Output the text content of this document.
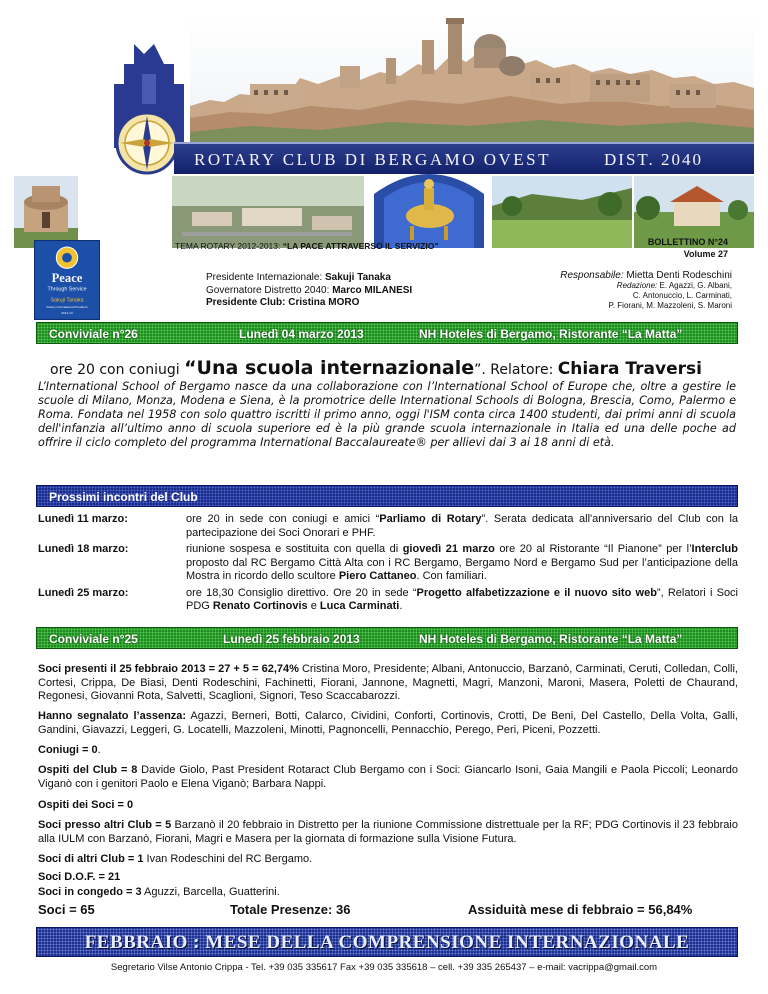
ROTARY CLUB DI BERGAMO OVEST	DIST. 2040
Peace
Through Service
Sakuji Tanaka
Rotary International President
2012-13
TEMA ROTARY 2012-2013: “LA PACE ATTRAVERSO IL SERVIZIO”	BOLLETTINO N°24
Volume 27
Presidente Internazionale: Sakuji Tanaka
Governatore Distretto 2040: Marco MILANESI
Presidente Club: Cristina MORO
Responsabile: Mietta Denti Rodeschini
Redazione: E. Agazzi, G. Albani,
C. Antonuccio, L. Carminati,
P. Fiorani, M. Mazzoleni, S. Maroni
Conviviale n°26	Lunedì 04 marzo 2013	NH Hoteles di Bergamo, Ristorante “La Matta”
ore 20 con coniugi “Una scuola internazionale”. Relatore: Chiara Traversi
L’International School of Bergamo nasce da una collaborazione con l’International School of Europe che, oltre a gestire le scuole di Milano, Monza, Modena e Siena, è la promotrice delle International Schools di Bologna, Brescia, Como, Palermo e Roma. Fondata nel 1958 con solo quattro iscritti il primo anno, oggi l'ISM conta circa 1400 studenti, dai primi anni di scuola dell'infanzia all’ultimo anno di scuola superiore ed è la più grande scuola internazionale in Italia ed una delle poche ad offrire il ciclo completo del programma International Baccalaureate® per allievi dai 3 ai 18 anni di età.
Prossimi incontri del Club
Lunedì 11 marzo:	ore 20 in sede con coniugi e amici “Parliamo di Rotary”. Serata dedicata all'anniversario del Club con la partecipazione dei Soci Onorari e PHF.
Lunedì 18 marzo:	riunione sospesa e sostituita con quella di giovedì 21 marzo ore 20 al Ristorante “Il Pianone” per l’Interclub proposto dal RC Bergamo Città Alta con i RC Bergamo, Bergamo Nord e Bergamo Sud per l’anticipazione della Mostra in ricordo dello scultore Piero Cattaneo. Con familiari.
Lunedì 25 marzo:	ore 18,30 Consiglio direttivo. Ore 20 in sede “Progetto alfabetizzazione e il nuovo sito web”, Relatori i Soci PDG Renato Cortinovis e Luca Carminati.
Conviviale n°25	Lunedì 25 febbraio 2013	NH Hoteles di Bergamo, Ristorante “La Matta”
Soci presenti il 25 febbraio 2013 = 27 + 5 = 62,74% Cristina Moro, Presidente; Albani, Antonuccio, Barzanò, Carminati, Ceruti, Colledan, Colli, Cortesi, Crippa, De Biasi, Denti Rodeschini, Fachinetti, Fiorani, Jannone, Magnetti, Magri, Manzoni, Maroni, Masera, Poletti de Chaurand, Regonesi, Giovanni Rota, Salvetti, Scaglioni, Signori, Teso Scaccabarozzi.
Hanno segnalato l’assenza: Agazzi, Berneri, Botti, Calarco, Cividini, Conforti, Cortinovis, Crotti, De Beni, Del Castello, Della Volta, Galli, Gandini, Giavazzi, Leggeri, G. Locatelli, Mazzoleni, Minotti, Pagnoncelli, Pennacchio, Perego, Peri, Piceni, Pozzetti.
Coniugi = 0.
Ospiti del Club = 8 Davide Giolo, Past President Rotaract Club Bergamo con i Soci: Giancarlo Isoni, Gaia Mangili e Paola Piccoli; Leonardo Viganò con i genitori Paolo e Elena Viganò; Barbara Nappi.
Ospiti dei Soci = 0
Soci presso altri Club = 5 Barzanò il 20 febbraio in Distretto per la riunione Commissione distrettuale per la RF; PDG Cortinovis il 23 febbraio alla IULM con Barzanò, Fiorani, Magri e Masera per la giornata di formazione sulla Visione Futura.
Soci di altri Club = 1 Ivan Rodeschini del RC Bergamo.
Soci D.O.F. = 21
Soci in congedo = 3 Aguzzi, Barcella, Guatterini.
Soci = 65	Totale Presenze: 36	Assiduità mese di febbraio = 56,84%
FEBBRAIO : MESE DELLA COMPRENSIONE INTERNAZIONALE
Segretario Vilse Antonio Crippa - Tel. +39 035 335617 Fax +39 035 335618 – cell. +39 335 265437 – e-mail: vacrippa@gmail.com
